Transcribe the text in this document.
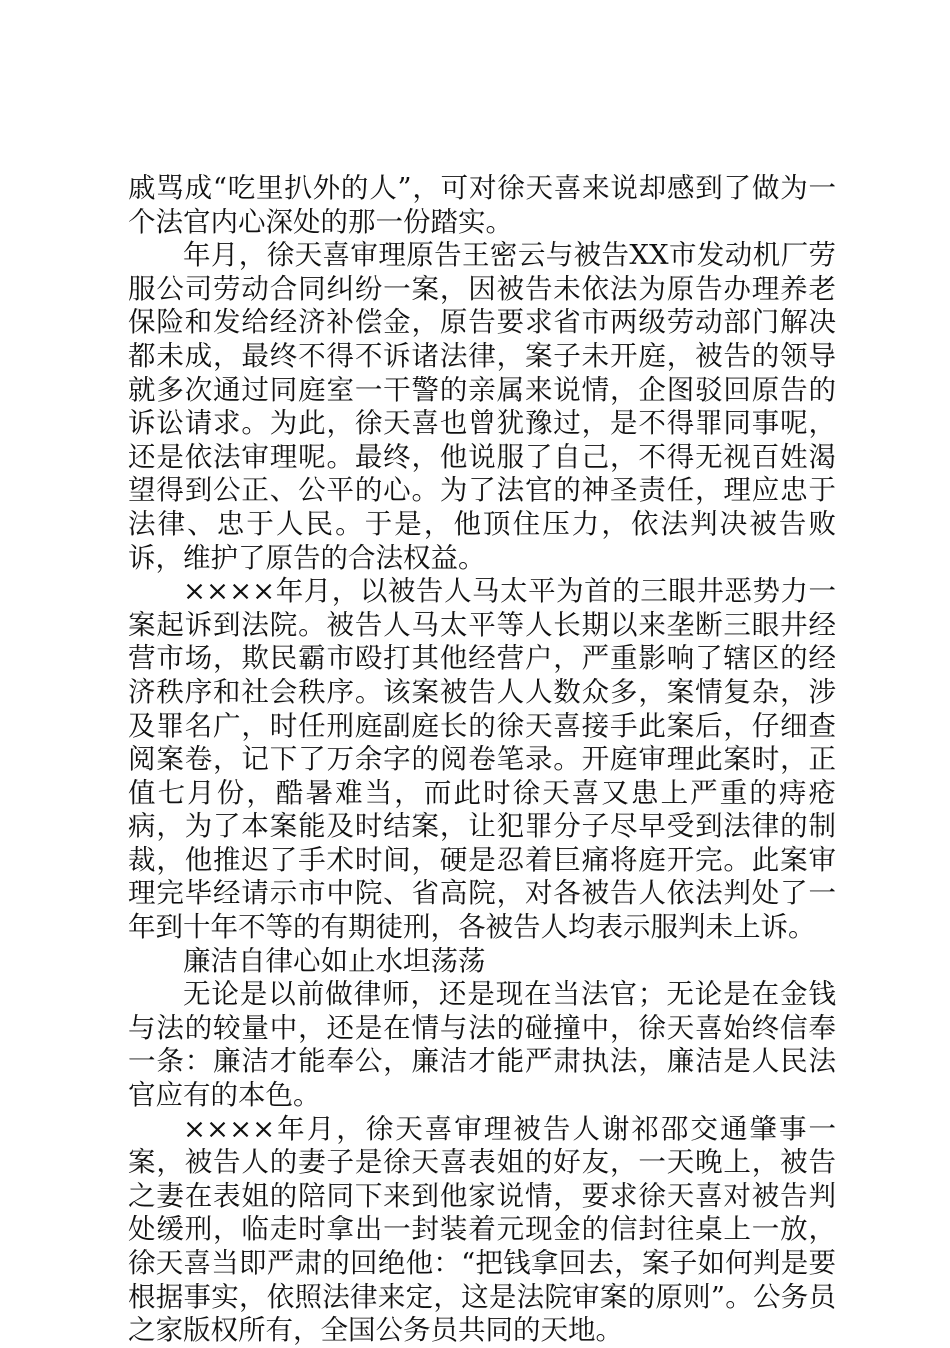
戚骂成“吃里扒外的人”，可对徐天喜来说却感到了做为一个法官内心深处的那一份踏实。

年月，徐天喜审理原告王密云与被告XX市发动机厂劳服公司劳动合同纠纷一案，因被告未依法为原告办理养老保险和发给经济补偿金，原告要求省市两级劳动部门解决都未成，最终不得不诉诸法律，案子未开庭，被告的领导就多次通过同庭室一干警的亲属来说情，企图驳回原告的诉讼请求。为此，徐天喜也曾犹豫过，是不得罪同事呢，还是依法审理呢。最终，他说服了自己，不得无视百姓渴望得到公正、公平的心。为了法官的神圣责任，理应忠于法律、忠于人民。于是，他顶住压力，依法判决被告败诉，维护了原告的合法权益。

××××年月，以被告人马太平为首的三眼井恶势力一案起诉到法院。被告人马太平等人长期以来垄断三眼井经营市场，欺民霸市殴打其他经营户，严重影响了辖区的经济秩序和社会秩序。该案被告人人数众多，案情复杂，涉及罪名广，时任刑庭副庭长的徐天喜接手此案后，仔细查阅案卷，记下了万余字的阅卷笔录。开庭审理此案时，正值七月份，酷暑难当，而此时徐天喜又患上严重的痔疮病，为了本案能及时结案，让犯罪分子尽早受到法律的制裁，他推迟了手术时间，硬是忍着巨痛将庭开完。此案审理完毕经请示市中院、省高院，对各被告人依法判处了一年到十年不等的有期徒刑，各被告人均表示服判未上诉。

廉洁自律心如止水坦荡荡

无论是以前做律师，还是现在当法官；无论是在金钱与法的较量中，还是在情与法的碰撞中，徐天喜始终信奉一条：廉洁才能奉公，廉洁才能严肃执法，廉洁是人民法官应有的本色。

××××年月，徐天喜审理被告人谢祁邵交通肇事一案，被告人的妻子是徐天喜表姐的好友，一天晚上，被告之妻在表姐的陪同下来到他家说情，要求徐天喜对被告判处缓刑，临走时拿出一封装着元现金的信封往桌上一放，徐天喜当即严肃的回绝他：“把钱拿回去，案子如何判是要根据事实，依照法律来定，这是法院审案的原则”。公务员之家版权所有，全国公务员共同的天地。
